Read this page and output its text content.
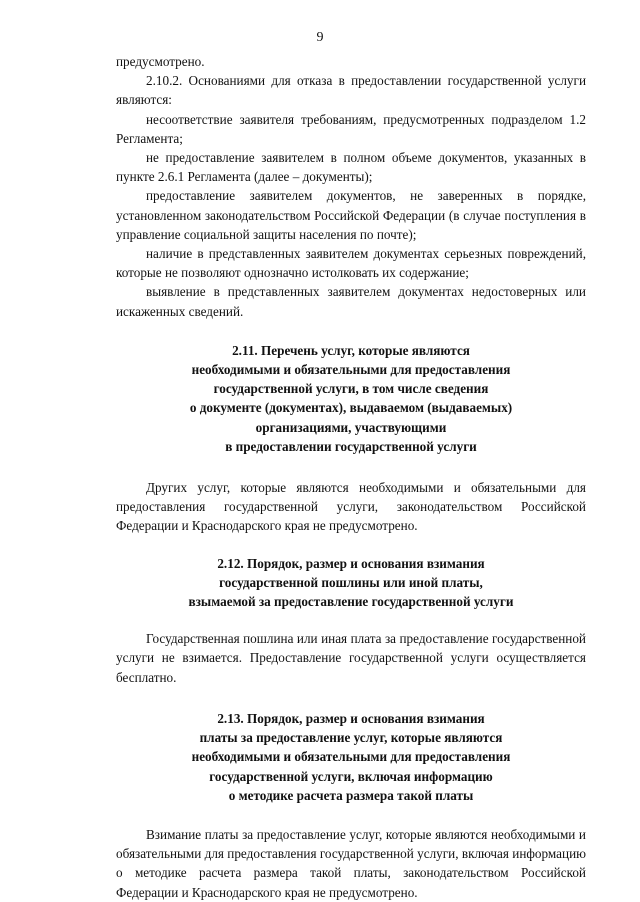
9

предусмотрено.

2.10.2. Основаниями для отказа в предоставлении государственной услуги являются:

несоответствие заявителя требованиям, предусмотренных подразделом 1.2 Регламента;

не предоставление заявителем в полном объеме документов, указанных в пункте 2.6.1 Регламента (далее – документы);

предоставление заявителем документов, не заверенных в порядке, установленном законодательством Российской Федерации (в случае поступления в управление социальной защиты населения по почте);

наличие в представленных заявителем документах серьезных повреждений, которые не позволяют однозначно истолковать их содержание;

выявление в представленных заявителем документах недостоверных или искаженных сведений.

2.11. Перечень услуг, которые являются

необходимыми и обязательными для предоставления

государственной услуги, в том числе сведения

о документе (документах), выдаваемом (выдаваемых)

организациями, участвующими

в предоставлении государственной услуги

Других услуг, которые являются необходимыми и обязательными для предоставления государственной услуги, законодательством Российской Федерации и Краснодарского края не предусмотрено.

2.12. Порядок, размер и основания взимания

государственной пошлины или иной платы,

взымаемой за предоставление государственной услуги

Государственная пошлина или иная плата за предоставление государственной услуги не взимается. Предоставление государственной услуги осуществляется бесплатно.

2.13. Порядок, размер и основания взимания

платы за предоставление услуг, которые являются

необходимыми и обязательными для предоставления

государственной услуги, включая информацию

о методике расчета размера такой платы

Взимание платы за предоставление услуг, которые являются необходимыми и обязательными для предоставления государственной услуги, включая информацию о методике расчета размера такой платы, законодательством Российской Федерации и Краснодарского края не предусмотрено.
